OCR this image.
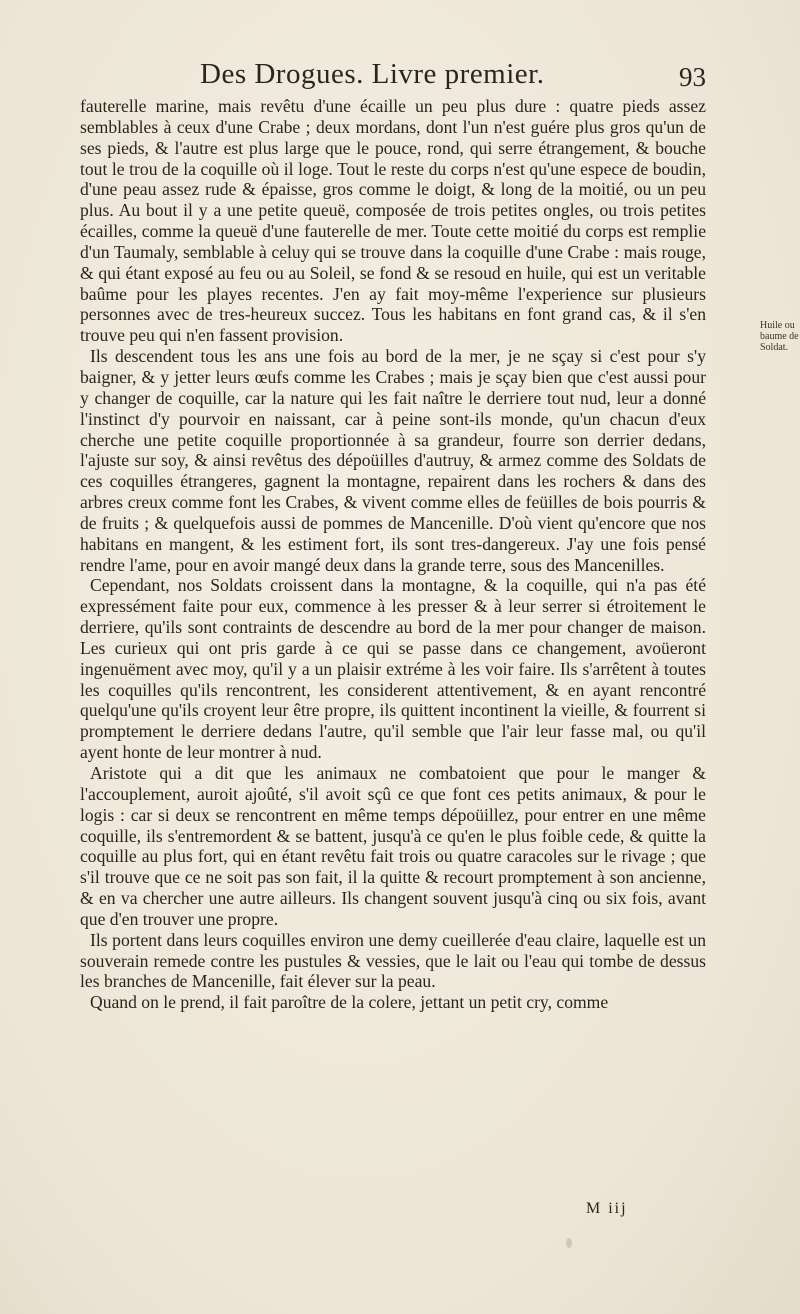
Des Drogues. Livre premier.	93

fauterelle marine, mais revêtu d'une écaille un peu plus dure : quatre pieds assez semblables à ceux d'une Crabe ; deux mordans, dont l'un n'est guére plus gros qu'un de ses pieds, & l'autre est plus large que le pouce, rond, qui serre étrangement, & bouche tout le trou de la coquille où il loge. Tout le reste du corps n'est qu'une espece de boudin, d'une peau assez rude & épaisse, gros comme le doigt, & long de la moitié, ou un peu plus. Au bout il y a une petite queuë, composée de trois petites ongles, ou trois petites écailles, comme la queuë d'une fauterelle de mer. Toute cette moitié du corps est remplie d'un Taumaly, semblable à celuy qui se trouve dans la coquille d'une Crabe : mais rouge, & qui étant exposé au feu ou au Soleil, se fond & se resoud en huile, qui est un veritable baûme pour les playes recentes. J'en ay fait moy-même l'experience sur plusieurs personnes avec de tres-heureux succez. Tous les habitans en font grand cas, & il s'en trouve peu qui n'en fassent provision.

Ils descendent tous les ans une fois au bord de la mer, je ne sçay si c'est pour s'y baigner, & y jetter leurs œufs comme les Crabes ; mais je sçay bien que c'est aussi pour y changer de coquille, car la nature qui les fait naître le derriere tout nud, leur a donné l'instinct d'y pourvoir en naissant, car à peine sont-ils monde, qu'un chacun d'eux cherche une petite coquille proportionnée à sa grandeur, fourre son derrier dedans, l'ajuste sur soy, & ainsi revêtus des dépoüilles d'autruy, & armez comme des Soldats de ces coquilles étrangeres, gagnent la montagne, repairent dans les rochers & dans des arbres creux comme font les Crabes, & vivent comme elles de feüilles de bois pourris & de fruits ; & quelquefois aussi de pommes de Mancenille. D'où vient qu'encore que nos habitans en mangent, & les estiment fort, ils sont tres-dangereux. J'ay une fois pensé rendre l'ame, pour en avoir mangé deux dans la grande terre, sous des Mancenilles.

Cependant, nos Soldats croissent dans la montagne, & la coquille, qui n'a pas été expressément faite pour eux, commence à les presser & à leur serrer si étroitement le derriere, qu'ils sont contraints de descendre au bord de la mer pour changer de maison. Les curieux qui ont pris garde à ce qui se passe dans ce changement, avoüeront ingenuëment avec moy, qu'il y a un plaisir extréme à les voir faire. Ils s'arrêtent à toutes les coquilles qu'ils rencontrent, les considerent attentivement, & en ayant rencontré quelqu'une qu'ils croyent leur être propre, ils quittent incontinent la vieille, & fourrent si promptement le derriere dedans l'autre, qu'il semble que l'air leur fasse mal, ou qu'il ayent honte de leur montrer à nud.

Aristote qui a dit que les animaux ne combatoient que pour le manger & l'accouplement, auroit ajoûté, s'il avoit sçû ce que font ces petits animaux, & pour le logis : car si deux se rencontrent en même temps dépoüillez, pour entrer en une même coquille, ils s'entremordent & se battent, jusqu'à ce qu'en le plus foible cede, & quitte la coquille au plus fort, qui en étant revêtu fait trois ou quatre caracoles sur le rivage ; que s'il trouve que ce ne soit pas son fait, il la quitte & recourt promptement à son ancienne, & en va chercher une autre ailleurs. Ils changent souvent jusqu'à cinq ou six fois, avant que d'en trouver une propre.

Ils portent dans leurs coquilles environ une demy cueillerée d'eau claire, laquelle est un souverain remede contre les pustules & vessies, que le lait ou l'eau qui tombe de dessus les branches de Mancenille, fait élever sur la peau.

Quand on le prend, il fait paroître de la colere, jettant un petit cry, comme

Huile ou baume de Soldat.
M iij
